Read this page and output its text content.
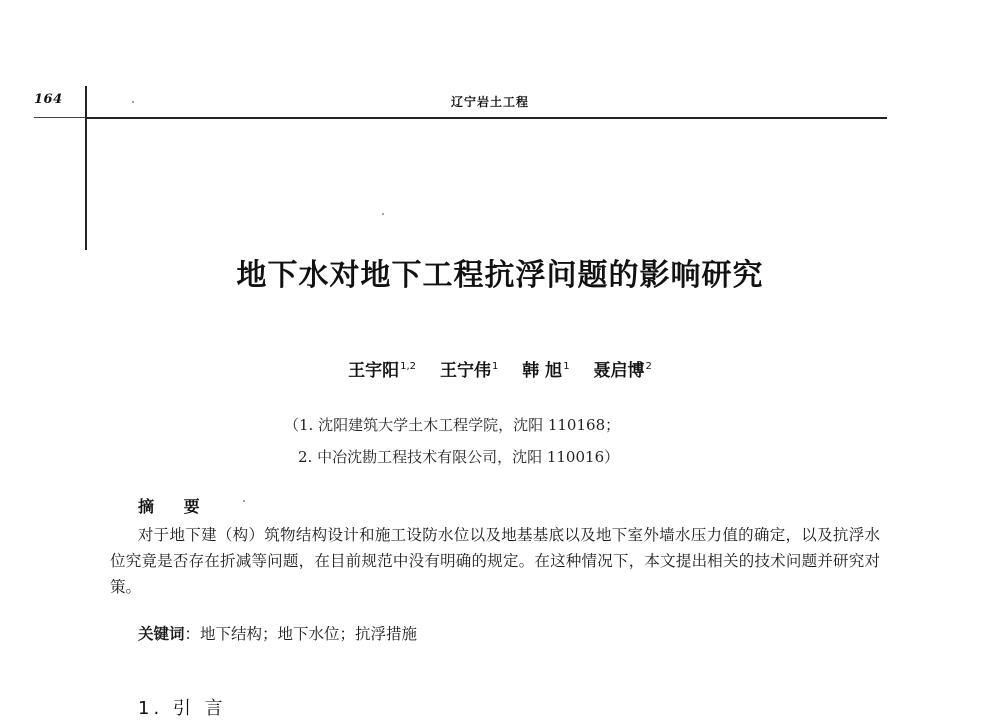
164	辽宁岩土工程
地下水对地下工程抗浮问题的影响研究
王宇阳$^{1,2}$ 王宁伟$^1$ 韩 旭$^1$ 聂启博$^2$
（1. 沈阳建筑大学土木工程学院，沈阳 110168；
2. 中冶沈勘工程技术有限公司，沈阳 110016）
摘 要
对于地下建（构）筑物结构设计和施工设防水位以及地基基底以及地下室外墙水压力值的确定，以及抗浮水位究竟是否存在折减等问题，在目前规范中没有明确的规定。在这种情况下，本文提出相关的技术问题并研究对策。
关键词：地下结构；地下水位；抗浮措施
1. 引 言
